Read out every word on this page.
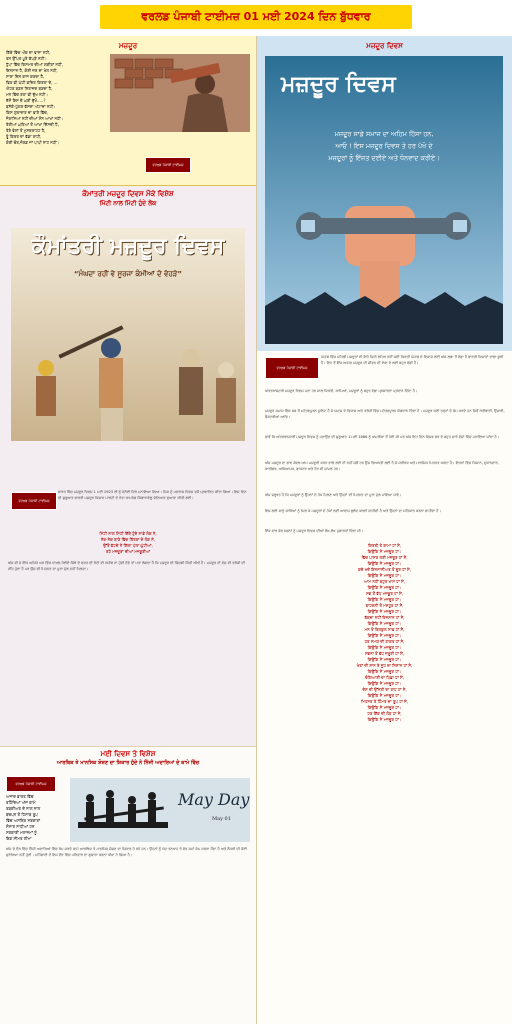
ਵਰਲਡ ਪੰਜਾਬੀ ਟਾਈਮਜ਼ 01 ਮਈ 2024 ਦਿਨ ਬੁੱਧਵਾਰ
ਮਜ਼ਦੂਰ
ਕਿੱਥੇ ਵਿੱਚ ਔਕ ਦਾ ਵਾਸਾ ਨਹੀਂ,
ਤਨ ਉੱਪਰ ਪੂਰੇ ਕੱਪੜੇ ਨਹੀਂ।
ਧੁੱਪਾਂ ਵਿੱਚ ਕਿਸਮਤ ਦੀਆਂ ਲਕੀਰਾਂ ਨਹੀਂ,
ਇਨਸਾਨ ਹੈ, ਕੋਈ ਜ਼ਰ ਦਾ ਖੇਲ ਨਹੀਂ,
ਸਾਰਾ ਦਿਨ ਕਾਜ ਕਰਦਾ ਹੈ,
ਫਿਰ ਵੀ ਘੱਟੀ ਕਦਿਰ ਕਿਰਤਾ ਦੇ, ...
ਐਹਰ ਬਣਨ ਨਿਰਾਜ਼ਦ ਬਣਦਾ ਹੈ,
ਮਨ ਵਿੱਚ ਰਤਾ ਵੀ ਦੁੱਖ ਨਹੀਂ।
ਦੱਸੋ ਇਸ ਦੇ ਘਰੀ ਦੁੱਖੋ.....?
ਬਸੱਕੇ-ਪੁੱਗਰ ਵੱਸਦਾ ਅੱਟਾਦਾ ਨਹੀਂ।
ਕਿਸ ਗੁਰਾਦਾਰ ਦਾ ਵਾਰੇ ਵਿੱਚ,
ਜੋਰਾਸਿਆਂ ਨਹੀਂ ਦੀਆਂ ਸੋਨ ਆਖਾਂ ਨਹੀਂ।
ਤੇਰੀਆਂ ਘਰਿਆਂ ਤੋਂ ਆਖਾ ਦਿੱਸਦੀ ਹੈ,
ਤੇਰੇ ਵੇਲਾਂ ਤੋਂ ਮੁਸ਼ਕਰਾਹਟ ਹੈ,
ਤੂੰ ਕਿਰਤ ਦਾ ਵੱਡਾ ਰਾਹੀ,
ਕੋਈ ਚੋਰ,ਜ਼ੋਰਡ ਜਾਂ ਪਾਪੀ ਨਾਹ ਨਹੀਂ।
ਵਰਲਡ ਪੰਜਾਬੀ ਟਾਈਮਜ਼
ਕੌਮਾਂਤਰੀ ਮਜ਼ਦੂਰ ਦਿਵਸ ਮੌਕੇ ਵਿਸ਼ੇਸ਼
ਮਿੱਟੀ ਨਾਲ ਮਿੱਟੀ ਹੁੰਦੇ ਲੋਕ
ਕੌਮਾਂਤਰੀ ਮਜ਼ਦੂਰ ਦਿਵਸ
“ਮੰਘਦਾ ਰਹੀਂ ਵੇ ਸੂਰਜਾ ਕੰਮੀਆਂ ਦੇ ਵੇਹੜੇ”
ਵਰਲਡ ਪੰਜਾਬੀ ਟਾਈਮਜ਼
ਭਾਰਤ ਵਿੱਚ ਮਜ਼ਦੂਰ ਦਿਵਸ 1 ਮਈ 1923 ਈ.ਨੂੰ ਚੇਨੱਈ ਵਿਖੇ ਮਨਾਇਆ ਗਿਆ। ਜਿਸ ਨੂੰ ਮਦਰਾਸ ਦਿਵਸ ਵਜੋਂ ਪ੍ਰਵਾਨਿਤ ਕੀਤਾ ਗਿਆ। ਇਸ ਦਿਨ ਦੀ ਸ਼ੁਰੂਆਤ ਭਾਰਤੀ ਮਜ਼ਦੂਰ ਕਿਸਾਨ ਪਾਰਟੀ ਦੇ ਨੇਤਾ ਕਾਮਰੇਡ ਸਿੰਗਾਰਾਵੇਲੂ ਚੇਟਿਆਰ ਦੁਆਰਾ ਕੀਤੀ ਗਈ।
ਮਿੱਟੀ ਨਾਲ ਮਿੱਟੀ ਇੱਥੇ ਹੁੰਦੇ ਸਾਡੇ ਲੋਕ ਨੇ,
ਨੇਕ-ਨੇਕ ਬਾਣੇ ਵਿੱਚ ਤਿੱਤਰਾਂ ਦੇ ਲੋਕ ਨੇ,
ਉੱਤੋਂ ਵੱਟਦੇ ਨੇ ਗਿੱਲਾ ਪੱਲਾ ਘੁੱਟੀਆਂ,
ਰਹੇ ਮਜ਼ਦੂਰਾਂ ਦੀਆਂ ਮਜਬੂਰੀਆਂ
ਅੱਜ ਵੀ ਜੇ ਇੱਕ ਅਜਿਹੇ ਘਰ ਵਿੱਚ ਦਾਖਲ ਹੋਈਏ ਜਿੱਥੇ ਦੋ ਵਕਤ ਦੀ ਰੋਟੀ ਵੀ ਨਸੀਬ ਨਾ ਹੁੰਦੀ ਹੋਵੇ ਤਾਂ ਪਤਾ ਲੱਗਦਾ ਹੈ ਕਿ ਮਜ਼ਦੂਰ ਦੀ ਜ਼ਿੰਦਗੀ ਕਿੰਨੀ ਔਖੀ ਹੈ। ਮਜ਼ਦੂਰ ਹੀ ਦੇਸ਼ ਦੀ ਤਰੱਕੀ ਦੀ ਨੀਂਹ ਹੁੰਦਾ ਹੈ ਪਰ ਉਸ ਦੀ ਮਿਹਨਤ ਦਾ ਪੂਰਾ ਮੁੱਲ ਨਹੀਂ ਮਿਲਦਾ।
ਮਈ ਦਿਵਸ ਤੇ ਵਿਸ਼ੇਸ਼
ਆਰਥਿਕ ਤੇ ਮਾਨਸਿਕ ਸ਼ੋਸ਼ਣ ਦਾ ਸ਼ਿਕਾਰ ਹੁੰਦੇ ਨੇ ਨਿੱਜੀ ਅਦਾਰਿਆਂ ਦੇ ਕਾਮੇ ਵਿੱਚ
ਵਰਲਡ ਪੰਜਾਬੀ ਟਾਈਮਜ਼
ਅਜਾਦ ਭਾਰਤ ਵਿੱਚ
ਰਹਿੰਦਿਆਂ ਅੱਜ ਕਾਮੇ
ਤਬਕੀਅਤ ਦੇ ਨਾਲ ਨਾਲ
ਬਚਪਨ ਤੋਂ ਹਿਸਾਬ ਰੂਪ
ਵਿੱਚ ਅਸਥਿਰ ਸਰਕਾਰਾਂ
ਸੰਸਾਰ ਸਾਧੀਆਂ ਹਨ
ਸਰਕਾਰੀ ਮਲਾਜ਼ਮਾਂ ਨੂੰ
ਇਕ ਸੀਮਤ ਲੀਮਾ
May Day
May 01
ਅੱਜ ਦੇ ਦੌਰ ਵਿੱਚ ਨਿੱਜੀ ਅਦਾਰਿਆਂ ਵਿੱਚ ਕੰਮ ਕਰਦੇ ਕਾਮੇ ਆਰਥਿਕ ਤੇ ਮਾਨਸਿਕ ਸ਼ੋਸ਼ਣ ਦਾ ਸ਼ਿਕਾਰ ਹੋ ਰਹੇ ਹਨ। ਉਹਨਾਂ ਨੂੰ ਘੱਟ ਤਨਖਾਹ ਤੇ ਵੱਧ ਸਮਾਂ ਕੰਮ ਕਰਨਾ ਪੈਂਦਾ ਹੈ ਅਤੇ ਨੌਕਰੀ ਦੀ ਕੋਈ ਸੁਰੱਖਿਆ ਨਹੀਂ ਹੁੰਦੀ। ਮਹਿੰਗਾਈ ਦੇ ਇਸ ਦੌਰ ਵਿੱਚ ਪਰਿਵਾਰ ਦਾ ਗੁਜ਼ਾਰਾ ਕਰਨਾ ਔਖਾ ਹੋ ਗਿਆ ਹੈ।
ਮਜ਼ਦੂਰ ਦਿਵਸ
ਮਜ਼ਦੂਰ ਦਿਵਸ
ਮਜ਼ਦੂਰ ਸਾਡੇ ਸਮਾਜ ਦਾ ਅਹਿਮ ਹਿੱਸਾ ਹਨ,
ਆਓ ! ਇਸ ਮਜ਼ਦੂਰ ਦਿਵਸ ਤੇ ਹਰ ਪੱਖੋ ਦੇ
ਮਜ਼ਦੂਰਾਂ ਨੂੰ ਇੱਜ਼ਤ ਦਈਏ ਅਤੇ ਧੰਨਵਾਦ ਕਰੀਏ।
ਵਰਲਡ ਪੰਜਾਬੀ ਟਾਈਮਜ਼
ਪੰਜਾਬ ਵਿੱਚ ਪਹਿਲੀ ਮਜ਼ਦੂਰਾਂ ਦੀ ਇਹੋ ਜਿਹੀ ਲਹਿਰ ਨਹੀਂ ਕਈ ਕਿਰਤੀ ਪੰਜਾਬ ਦੇ ਵਿਕਾਸ ਲਈ ਅੱਜ ਲਗਾ ਤੋਂ ਵੱਡਾ ਹੈ ਭਾਰਤੀ ਕਿਸਾਨਾਂ ਵਾਲਾ ਬੂਖੀ ਹੈ। ਇਹ ਤੋਂ ਇੰਜ ਆਸਰ ਮਜ਼ਦੂਰ ਦੀ ਜੀਵਨ ਦੀ ਏਕਾ ਦੇ ਲਈ ਬਹੁਤ ਵੱਡੀ ਹੈ।
ਅੰਤਰਰਾਸ਼ਟਰੀ ਮਜ਼ਦੂਰ ਦਿਵਸ ਮਨਾ ਹਰ ਸਾਲ ਕਿਰਤੀ, ਕਾਮਿਆਂ, ਮਜ਼ਦੂਰਾਂ ਨੂੰ ਬਹੁਤ ਵੱਡਾ ਪ੍ਰਸਾਰਣਾ ਪ੍ਰਦਾਨ ਦਿੰਦਾ ਹੈ।
ਮਜ਼ਦੂਰ ਸਮਾਜ ਵਿੱਚ ਸਭ ਤੋਂ ਮਹੱਤਵਪੂਰਨ ਯੂਨਿਟ ਹੈ ਜੋ ਸਮਾਜ ਦੇ ਵਿਕਾਸ ਅਤੇ ਤਰੱਕੀ ਵਿੱਚ ਮਹੱਤਵਪੂਰਨ ਯੋਗਦਾਨ ਦਿੰਦਾ ਹੈ। ਮਜ਼ਦੂਰ ਕਈ ਤਰ੍ਹਾਂ ਦੇ ਕੰਮ ਕਰਦੇ ਹਨ ਜਿਵੇਂ ਖੇਤੀਬਾੜੀ, ਉਸਾਰੀ, ਫੈਕਟਰੀਆਂ ਆਦਿ।
ਭਾਵੇਂ ਕਿ ਅੰਤਰਰਾਸ਼ਟਰੀ ਮਜ਼ਦੂਰ ਦਿਵਸ ਨੂੰ ਮਨਾਉਣ ਦੀ ਸ਼ੁਰੂਆਤ 1 ਮਈ 1886 ਨੂੰ ਅਮਰੀਕਾ ਤੋਂ ਹੋਈ ਸੀ ਪਰ ਅੱਜ ਇਹ ਦਿਨ ਵਿਸ਼ਵ ਭਰ ਦੇ ਬਹੁਤ ਸਾਰੇ ਦੇਸ਼ਾਂ ਵਿੱਚ ਮਨਾਇਆ ਜਾਂਦਾ ਹੈ।
ਅੱਜ ਮਜ਼ਦੂਰ ਦਾ ਭਾਵ ਕੇਵਲ ਆਮ ਮਜ਼ਦੂਰੀ ਕਰਨ ਵਾਲੇ ਲਈ ਹੀ ਨਹੀਂ ਸਗੋਂ ਹਰ ਉਸ ਵਿਅਕਤੀ ਲਈ ਹੈ ਜੋ ਸਰੀਰਕ ਅਤੇ ਮਾਨਸਿਕ ਮਿਹਨਤ ਕਰਦਾ ਹੈ। ਇਹਨਾਂ ਵਿੱਚ ਕਿਸਾਨ, ਦੁਕਾਨਦਾਰ, ਕਾਰੀਗਰ, ਅਧਿਆਪਕ, ਡਾਕਟਰ ਅਤੇ ਹੋਰ ਵੀ ਸ਼ਾਮਲ ਹਨ।
ਅੱਜ ਜ਼ਰੂਰਤ ਹੈ ਕਿ ਮਜ਼ਦੂਰਾਂ ਨੂੰ ਉਹਨਾਂ ਦੇ ਹੱਕ ਮਿਲਣ ਅਤੇ ਉਹਨਾਂ ਦੀ ਮਿਹਨਤ ਦਾ ਪੂਰਾ ਮੁੱਲ ਪਾਇਆ ਜਾਵੇ।
ਇਸ ਲਈ ਸਾਨੂੰ ਸਾਰਿਆਂ ਨੂੰ ਮਿਲ ਕੇ ਮਜ਼ਦੂਰਾਂ ਦੇ ਹੱਕਾਂ ਲਈ ਆਵਾਜ਼ ਬੁਲੰਦ ਕਰਨੀ ਚਾਹੀਦੀ ਹੈ ਅਤੇ ਉਹਨਾਂ ਦਾ ਸਤਿਕਾਰ ਕਰਨਾ ਚਾਹੀਦਾ ਹੈ।
ਇੱਕ ਵਾਰ ਫੇਰ ਸਭਨਾਂ ਨੂੰ ਮਜ਼ਦੂਰ ਦਿਵਸ ਦੀਆਂ ਲੱਖ-ਲੱਖ ਮੁਬਾਰਕਾਂ ਦਿੰਦਾ ਜੀ।
ਕਿਰਤੀ ਤੇ ਕਾਮਾ ਹਾਂ ਮੈਂ,
ਕਿਉਂਕਿ ਮੈਂ ਮਜ਼ਦੂਰ ਹਾਂ।
ਵਿੱਚ ਪਾਸਣ ਲਈ ਮਜ਼ਦੂਰ ਹਾਂ ਮੈਂ,
ਕਿਉਂਕਿ ਮੈਂ ਮਜ਼ਦੂਰ ਹਾਂ।
ਕਦੇ ਖਦੇ ਇਨਸਾਨੀਅਤ ਤੋਂ ਦੂਰ ਹਾਂ ਮੈਂ,
ਕਿਉਂਕਿ ਮੈਂ ਮਜ਼ਦੂਰ ਹਾਂ।
ਆਮ ਨਹੀਂ ਬਹੁਤ ਖਾਸ ਹਾਂ ਮੈਂ,
ਕਿਉਂਕਿ ਮੈਂ ਮਜ਼ਦੂਰ ਹਾਂ।
ਸਭ ਤੋਂ ਵੱਧ ਮਜ਼ਬੂਰ ਹਾਂ ਮੈਂ,
ਕਿਉਂਕਿ ਮੈਂ ਮਜ਼ਦੂਰ ਹਾਂ।
ਬਾਹਰਲੀ ਤੋਂ ਮਸ਼ਹੂਰ ਹਾਂ ਮੈਂ,
ਕਿਉਂਕਿ ਮੈਂ ਮਜ਼ਦੂਰ ਹਾਂ।
ਥੱਕਦਾ ਨਹੀਂ ਇਨਸਾਨ ਹਾਂ ਮੈਂ,
ਕਿਉਂਕਿ ਮੈਂ ਮਜ਼ਦੂਰ ਹਾਂ।
ਮਨ ਤੋਂ ਬਿਲਕੁਲ ਸਾਫ ਹਾਂ ਮੈਂ,
ਕਿਉਂਕਿ ਮੈਂ ਮਜ਼ਦੂਰ ਹਾਂ।
ਹਰ ਸਮਯ ਦੀ ਤਾਕਤ ਹਾਂ ਮੈਂ,
ਕਿਉਂਕਿ ਮੈਂ ਮਜ਼ਦੂਰ ਹਾਂ।
ਸਭਨਾਂ ਤੋਂ ਵੱਧ ਜ਼ਰੂਰੀ ਹਾਂ ਮੈਂ,
ਕਿਉਂਕਿ ਮੈਂ ਮਜ਼ਦੂਰ ਹਾਂ।
ਖੇਤਾਂ ਦੀ ਸ਼ਾਨ ਤੇ ਜੂਹ ਦਾ ਨਿਸ਼ਾਨ ਹਾਂ ਮੈਂ,
ਕਿਉਂਕਿ ਮੈਂ ਮਜ਼ਦੂਰ ਹਾਂ।
ਚੰਗਿਆਈ ਦਾ ਪਿੱਛਾ ਹਾਂ ਮੈਂ,
ਕਿਉਂਕਿ ਮੈਂ ਮਜ਼ਦੂਰ ਹਾਂ।
ਦੇਸ਼ ਦੀ ਉੱਨਤੀ ਦਾ ਰਾਹ ਹਾਂ ਮੈਂ,
ਕਿਉਂਕਿ ਮੈਂ ਮਜ਼ਦੂਰ ਹਾਂ।
ਮਿਹਨਤ ਤੇ ਹਿੰਮਤ ਦਾ ਰੂਪ ਹਾਂ ਮੈਂ,
ਕਿਉਂਕਿ ਮੈਂ ਮਜ਼ਦੂਰ ਹਾਂ।
ਹਰ ਇੱਕ ਦੀ ਲੋੜ ਹਾਂ ਮੈਂ,
ਕਿਉਂਕਿ ਮੈਂ ਮਜ਼ਦੂਰ ਹਾਂ।
